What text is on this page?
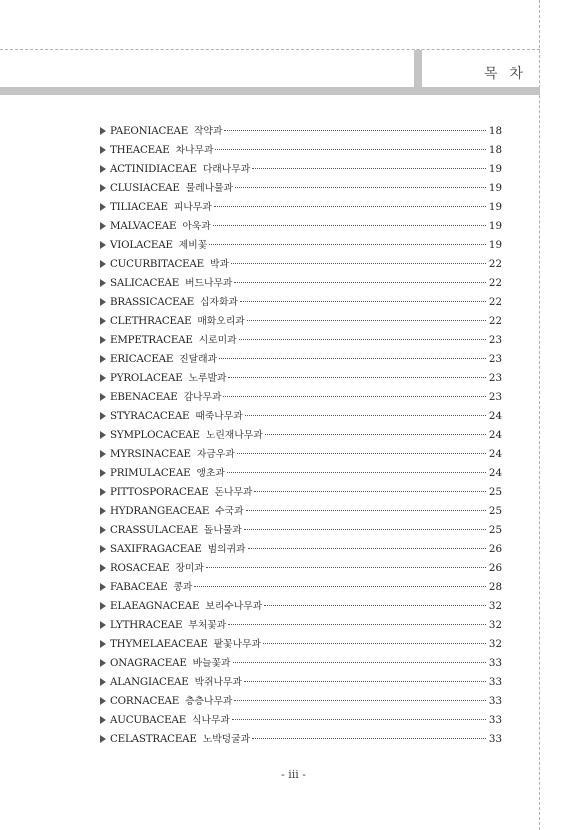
목차
PAEONIACEAE 작약과	18
THEACEAE 차나무과	18
ACTINIDIACEAE 다래나무과	19
CLUSIACEAE 물레나물과	19
TILIACEAE 피나무과	19
MALVACEAE 아욱과	19
VIOLACEAE 제비꽃	19
CUCURBITACEAE 박과	22
SALICACEAE 버드나무과	22
BRASSICACEAE 십자화과	22
CLETHRACEAE 매화오리과	22
EMPETRACEAE 시로미과	23
ERICACEAE 진달래과	23
PYROLACEAE 노루발과	23
EBENACEAE 감나무과	23
STYRACACEAE 때죽나무과	24
SYMPLOCACEAE 노린재나무과	24
MYRSINACEAE 자금우과	24
PRIMULACEAE 앵초과	24
PITTOSPORACEAE 돈나무과	25
HYDRANGEACEAE 수국과	25
CRASSULACEAE 돌나물과	25
SAXIFRAGACEAE 범의귀과	26
ROSACEAE 장미과	26
FABACEAE 콩과	28
ELAEAGNACEAE 보리수나무과	32
LYTHRACEAE 부처꽃과	32
THYMELAEACEAE 팥꽃나무과	32
ONAGRACEAE 바늘꽃과	33
ALANGIACEAE 박쥐나무과	33
CORNACEAE 층층나무과	33
AUCUBACEAE 식나무과	33
CELASTRACEAE 노박덩굴과	33
- iii -
